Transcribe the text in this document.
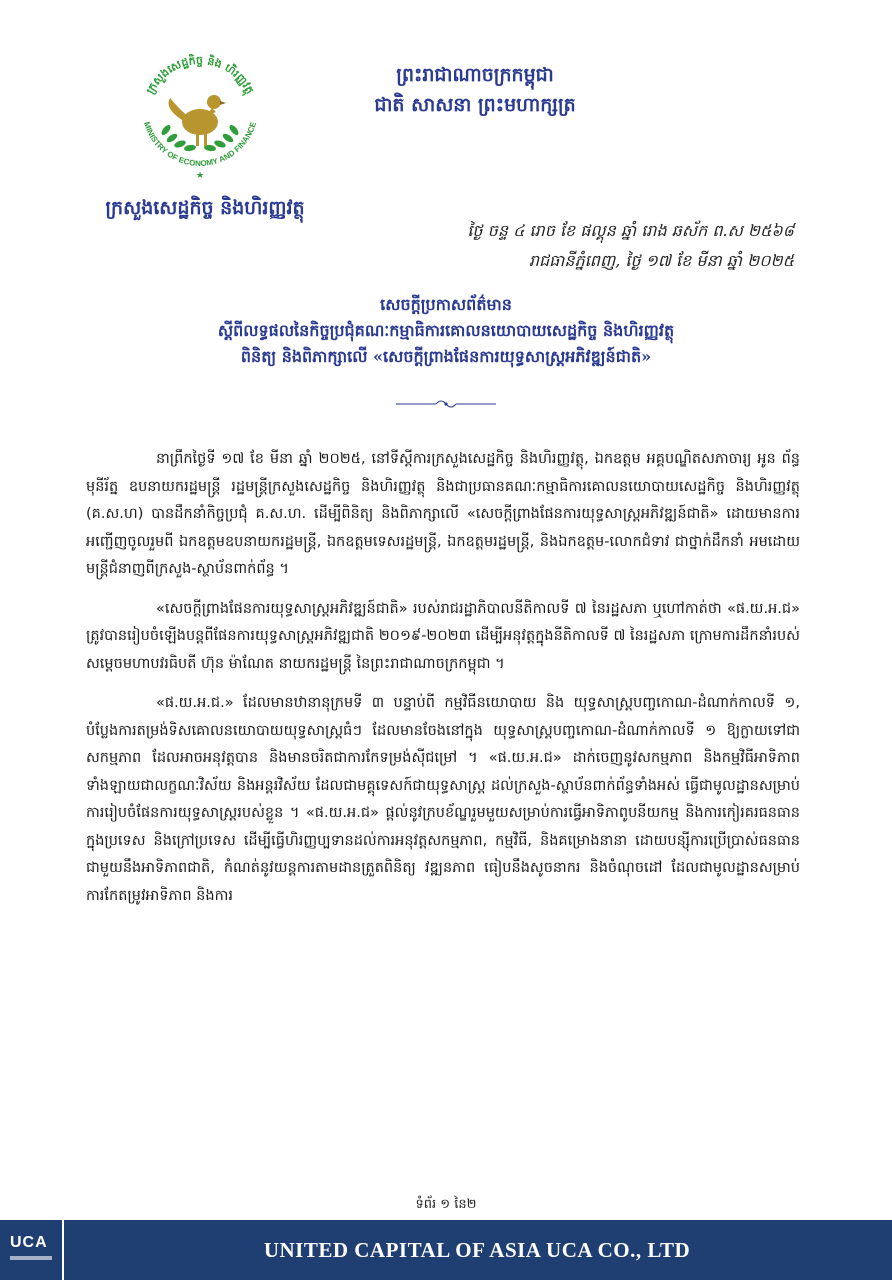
ក្រសួងសេដ្ឋកិច្ច និង ហិរញ្ញវត្ថុ
MINISTRY OF ECONOMY AND FINANCE
★
ក្រសួងសេដ្ឋកិច្ច និងហិរញ្ញវត្ថុ
ព្រះរាជាណាចក្រកម្ពុជា
ជាតិ សាសនា ព្រះមហាក្សត្រ
ថ្ងៃ ចន្ទ ៤ រោច ខែ ផល្គុន ឆ្នាំ រោង ឆស័ក ព.ស ២៥៦៨
រាជធានីភ្នំពេញ, ថ្ងៃ ១៧ ខែ មីនា ឆ្នាំ ២០២៥
សេចក្តីប្រកាសព័ត៌មាន
ស្តីពីលទ្ធផលនៃកិច្ចប្រជុំគណៈកម្មាធិការគោលនយោបាយសេដ្ឋកិច្ច និងហិរញ្ញវត្ថុ
ពិនិត្យ និងពិភាក្សាលើ «សេចក្តីព្រាងផែនការយុទ្ធសាស្ត្រអភិវឌ្ឍន៍ជាតិ»

នាព្រឹកថ្ងៃទី ១៧ ខែ មីនា ឆ្នាំ ២០២៥, នៅទីស្តីការក្រសួងសេដ្ឋកិច្ច និងហិរញ្ញវត្ថុ, ឯកឧត្តម អគ្គបណ្ឌិតសភាចារ្យ អូន ព័ន្ធមុនីរ័ត្ន ឧបនាយករដ្ឋមន្ត្រី រដ្ឋមន្ត្រីក្រសួងសេដ្ឋកិច្ច និងហិរញ្ញវត្ថុ និងជាប្រធានគណៈកម្មាធិការគោលនយោបាយសេដ្ឋកិច្ច និងហិរញ្ញវត្ថុ (គ.ស.ហ) បានដឹកនាំកិច្ចប្រជុំ គ.ស.ហ. ដើម្បីពិនិត្យ និងពិភាក្សាលើ «សេចក្តីព្រាងផែនការយុទ្ធសាស្ត្រអភិវឌ្ឍន៍ជាតិ» ដោយមានការអញ្ជើញចូលរួមពី ឯកឧត្តមឧបនាយករដ្ឋមន្ត្រី, ឯកឧត្តមទេសរដ្ឋមន្ត្រី, ឯកឧត្តមរដ្ឋមន្ត្រី, និងឯកឧត្តម-លោកជំទាវ ជាថ្នាក់ដឹកនាំ អមដោយមន្ត្រីជំនាញពីក្រសួង-ស្ថាប័នពាក់ព័ន្ធ ។

«សេចក្តីព្រាងផែនការយុទ្ធសាស្ត្រអភិវឌ្ឍន៍ជាតិ» របស់រាជរដ្ឋាភិបាលនីតិកាលទី ៧ នៃរដ្ឋសភា ឬហៅកាត់ថា «ផ.យ.អ.ជ» ត្រូវបានរៀបចំឡើងបន្តពីផែនការយុទ្ធសាស្ត្រអភិវឌ្ឍជាតិ ២០១៩-២០២៣ ដើម្បីអនុវត្តក្នុងនីតិកាលទី ៧ នៃរដ្ឋសភា ក្រោមការដឹកនាំរបស់ សម្តេចមហាបវរធិបតី ហ៊ុន ម៉ាណែត នាយករដ្ឋមន្ត្រី នៃព្រះរាជាណាចក្រកម្ពុជា ។

«ផ.យ.អ.ជ.» ដែលមានឋានានុក្រមទី ៣ បន្ទាប់ពី កម្មវិធីនយោបាយ និង យុទ្ធសាស្ត្របញ្ចកោណ-ដំណាក់កាលទី ១, បំប្លែងការតម្រង់ទិសគោលនយោបាយយុទ្ធសាស្ត្រធំៗ ដែលមានចែងនៅក្នុង យុទ្ធសាស្ត្របញ្ចកោណ-ដំណាក់កាលទី ១ ឱ្យក្លាយទៅជាសកម្មភាព ដែលអាចអនុវត្តបាន និងមានចរិតជាការកែទម្រង់ស៊ីជម្រៅ ។ «ផ.យ.អ.ជ» ដាក់ចេញនូវសកម្មភាព និងកម្មវិធីអាទិភាពទាំងឡាយជាលក្ខណៈវិស័យ និងអន្តរវិស័យ ដែលជាមគ្គុទេសក៍ជាយុទ្ធសាស្ត្រ ដល់ក្រសួង-ស្ថាប័នពាក់ព័ន្ធទាំងអស់ ធ្វើជាមូលដ្ឋានសម្រាប់ការរៀបចំផែនការយុទ្ធសាស្ត្ររបស់ខ្លួន ។ «ផ.យ.អ.ជ» ផ្តល់នូវក្របខ័ណ្ឌរួមមួយសម្រាប់ការធ្វើអាទិភាពូបនីយកម្ម និងការកៀរគរធនធានក្នុងប្រទេស និងក្រៅប្រទេស ដើម្បីធ្វើហិរញ្ញប្បទានដល់ការអនុវត្តសកម្មភាព, កម្មវិធី, និងគម្រោងនានា ដោយបន្សុីការប្រើប្រាស់ធនធានជាមួយនឹងអាទិភាពជាតិ, កំណត់នូវយន្តការតាមដានត្រួតពិនិត្យ វឌ្ឍនភាព ធៀបនឹងសូចនាករ និងចំណុចដៅ ដែលជាមូលដ្ឋានសម្រាប់ការកែតម្រូវអាទិភាព និងការ

ទំព័រ ១ នៃ២
UCA	UNITED CAPITAL OF ASIA UCA CO., LTD
